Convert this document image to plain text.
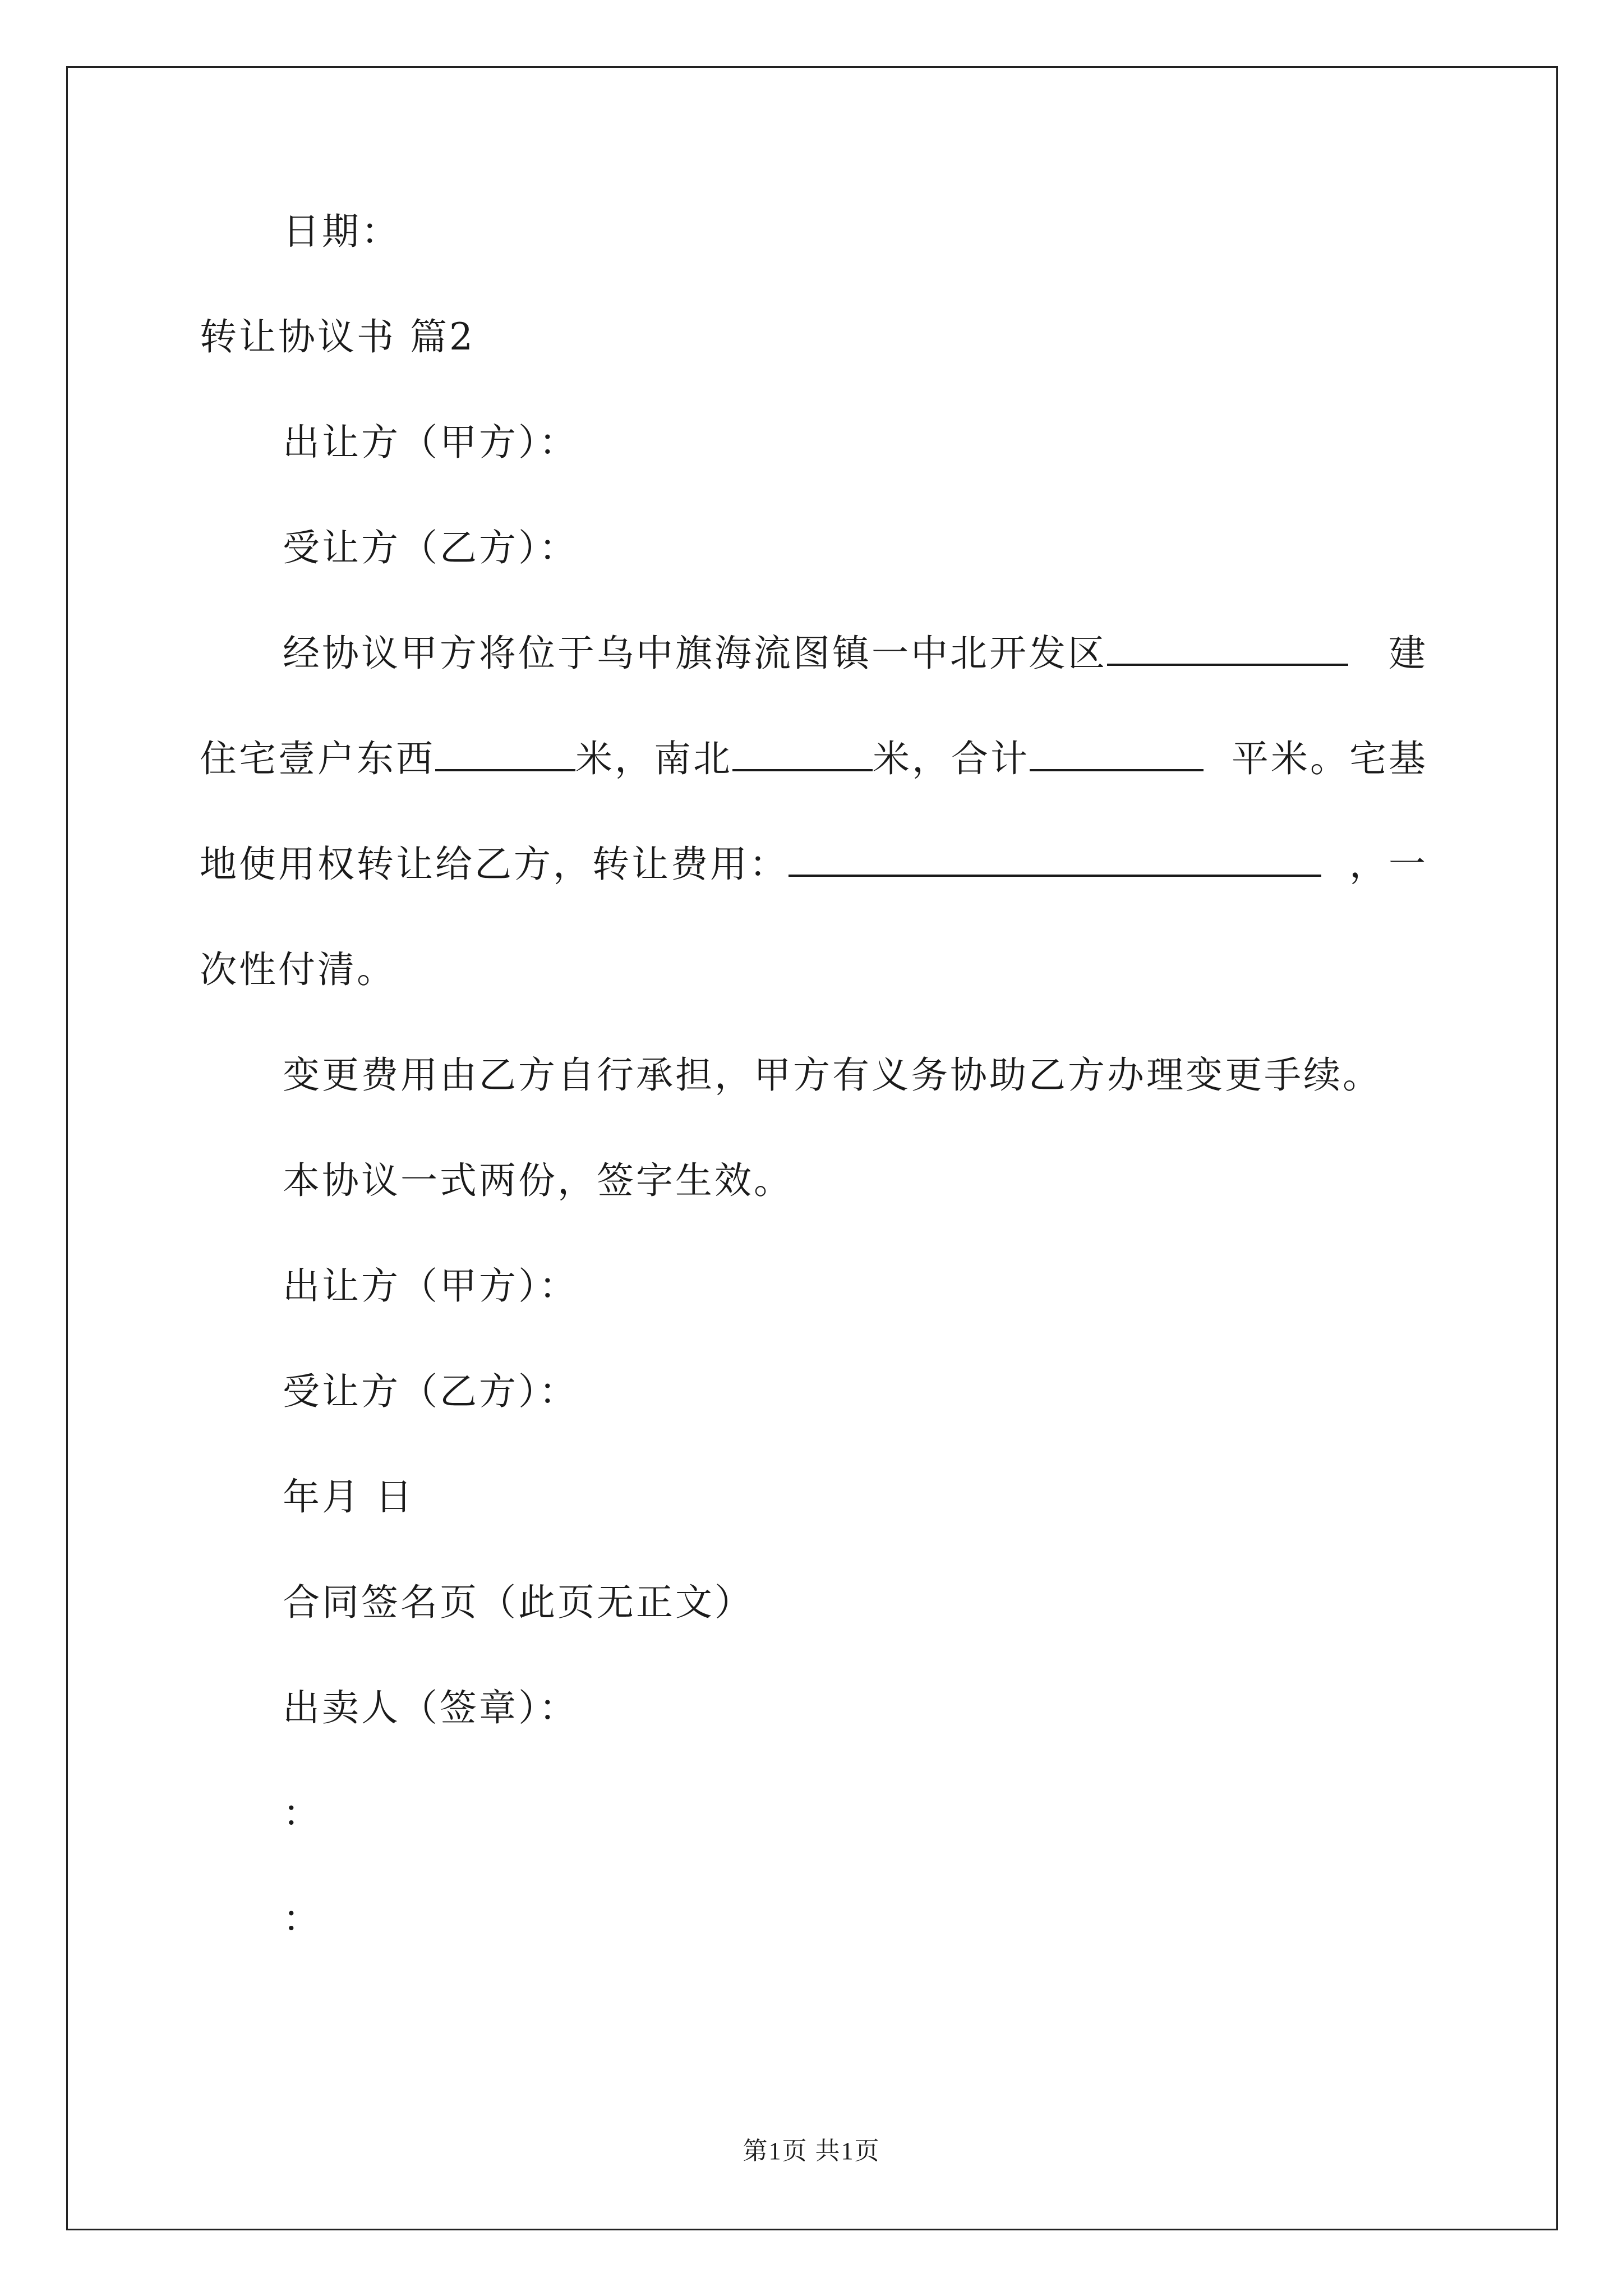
日期：
转让协议书 篇2
出让方（甲方）：
受让方（乙方）：
经协议甲方将位于乌中旗海流图镇一中北开发区	建
住宅壹户东西	米，南北	米，合计	平米。宅基
地使用权转让给乙方，转让费用：	，一
次性付清。
变更费用由乙方自行承担，甲方有义务协助乙方办理变更手续。
本协议一式两份，签字生效。
出让方（甲方）：
受让方（乙方）：
年月 日
合同签名页（此页无正文）
出卖人（签章）：
：
：
第1页 共1页
